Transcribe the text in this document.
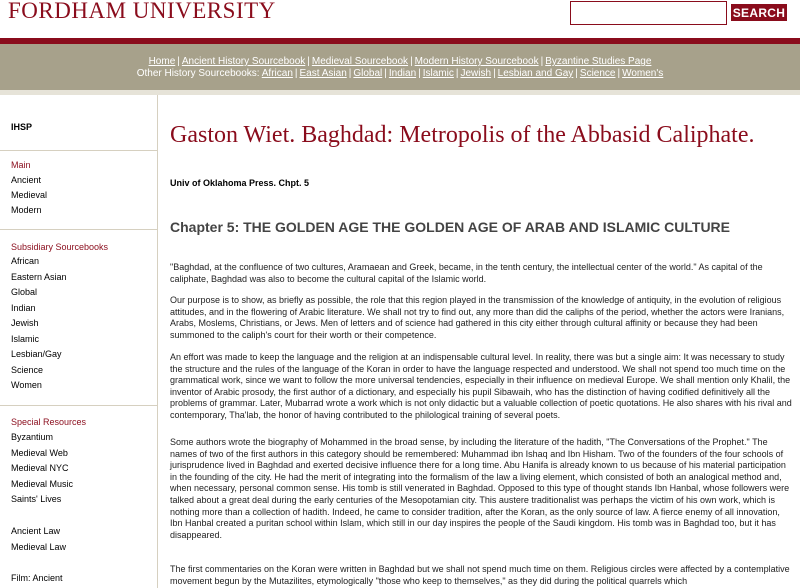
FORDHAM UNIVERSITY	SEARCH
Home | Ancient History Sourcebook | Medieval Sourcebook | Modern History Sourcebook | Byzantine Studies Page
Other History Sourcebooks: African | East Asian | Global | Indian | Islamic | Jewish | Lesbian and Gay | Science | Women's
IHSP
Main
Ancient
Medieval
Modern
Subsidiary Sourcebooks
African
Eastern Asian
Global
Indian
Jewish
Islamic
Lesbian/Gay
Science
Women
Special Resources
Byzantium
Medieval Web
Medieval NYC
Medieval Music
Saints' Lives
Ancient Law
Medieval Law
Film: Ancient
Gaston Wiet. Baghdad: Metropolis of the Abbasid Caliphate.
Univ of Oklahoma Press. Chpt. 5
Chapter 5: THE GOLDEN AGE THE GOLDEN AGE OF ARAB AND ISLAMIC CULTURE

"Baghdad, at the confluence of two cultures, Aramaean and Greek, became, in the tenth century, the intellectual center of the world." As capital of the caliphate, Baghdad was also to become the cultural capital of the Islamic world.

Our purpose is to show, as briefly as possible, the role that this region played in the transmission of the knowledge of antiquity, in the evolution of religious attitudes, and in the flowering of Arabic literature. We shall not try to find out, any more than did the caliphs of the period, whether the actors were Iranians, Arabs, Moslems, Christians, or Jews. Men of letters and of science had gathered in this city either through cultural affinity or because they had been summoned to the caliph's court for their worth or their competence.

An effort was made to keep the language and the religion at an indispensable cultural level. In reality, there was but a single aim: It was necessary to study the structure and the rules of the language of the Koran in order to have the language respected and understood. We shall not spend too much time on the grammatical work, since we want to follow the more universal tendencies, especially in their influence on medieval Europe. We shall mention only Khalil, the inventor of Arabic prosody, the first author of a dictionary, and especially his pupil Sibawaih, who has the distinction of having codified definitively all the problems of grammar. Later, Mubarrad wrote a work which is not only didactic but a valuable collection of poetic quotations. He also shares with his rival and contemporary, Tha'lab, the honor of having contributed to the philological training of several poets.

Some authors wrote the biography of Mohammed in the broad sense, by including the literature of the hadith, "The Conversations of the Prophet." The names of two of the first authors in this category should be remembered: Muhammad ibn Ishaq and Ibn Hisham. Two of the founders of the four schools of jurisprudence lived in Baghdad and exerted decisive influence there for a long time. Abu Hanifa is already known to us because of his material participation in the founding of the city. He had the merit of integrating into the formalism of the law a living element, which consisted of both an analogical method and, when necessary, personal common sense. His tomb is still venerated in Baghdad. Opposed to this type of thought stands Ibn Hanbal, whose followers were talked about a great deal during the early centuries of the Mesopotamian city. This austere traditionalist was perhaps the victim of his own work, which is nothing more than a collection of hadith. Indeed, he came to consider tradition, after the Koran, as the only source of law. A fierce enemy of all innovation, Ibn Hanbal created a puritan school within Islam, which still in our day inspires the people of the Saudi kingdom. His tomb was in Baghdad too, but it has disappeared.

The first commentaries on the Koran were written in Baghdad but we shall not spend much time on them. Religious circles were affected by a contemplative movement begun by the Mutazilites, etymologically "those who keep to themselves," as they did during the political quarrels which
